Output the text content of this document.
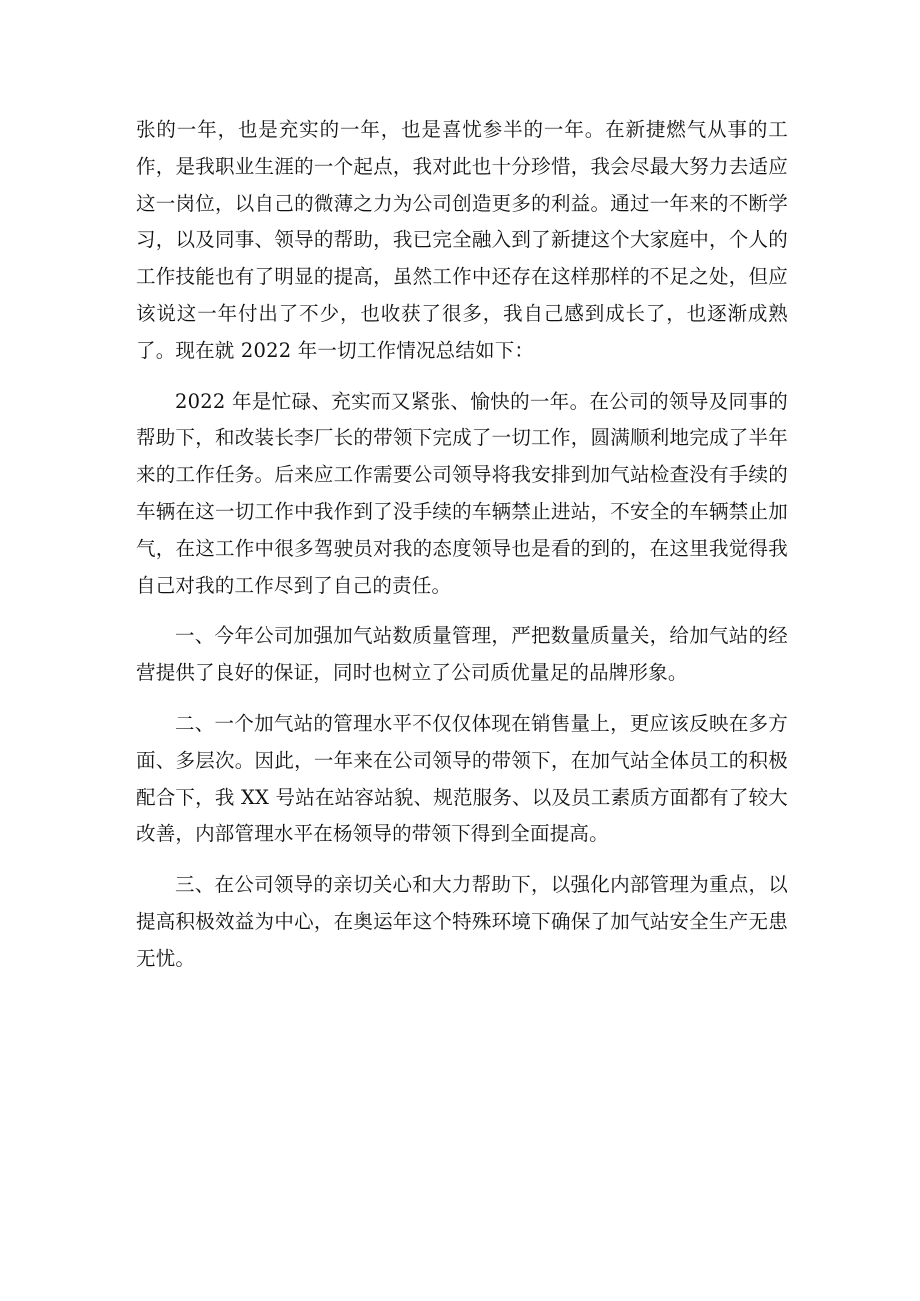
张的一年，也是充实的一年，也是喜忧参半的一年。在新捷燃气从事的工作，是我职业生涯的一个起点，我对此也十分珍惜，我会尽最大努力去适应这一岗位，以自己的微薄之力为公司创造更多的利益。通过一年来的不断学习，以及同事、领导的帮助，我已完全融入到了新捷这个大家庭中，个人的工作技能也有了明显的提高，虽然工作中还存在这样那样的不足之处，但应该说这一年付出了不少，也收获了很多，我自己感到成长了，也逐渐成熟了。现在就 2022 年一切工作情况总结如下：

2022 年是忙碌、充实而又紧张、愉快的一年。在公司的领导及同事的帮助下，和改装长李厂长的带领下完成了一切工作，圆满顺利地完成了半年来的工作任务。后来应工作需要公司领导将我安排到加气站检查没有手续的车辆在这一切工作中我作到了没手续的车辆禁止进站，不安全的车辆禁止加气，在这工作中很多驾驶员对我的态度领导也是看的到的，在这里我觉得我自己对我的工作尽到了自己的责任。

一、今年公司加强加气站数质量管理，严把数量质量关，给加气站的经营提供了良好的保证，同时也树立了公司质优量足的品牌形象。

二、一个加气站的管理水平不仅仅体现在销售量上，更应该反映在多方面、多层次。因此，一年来在公司领导的带领下，在加气站全体员工的积极配合下，我 XX 号站在站容站貌、规范服务、以及员工素质方面都有了较大改善，内部管理水平在杨领导的带领下得到全面提高。

三、在公司领导的亲切关心和大力帮助下，以强化内部管理为重点，以提高积极效益为中心，在奥运年这个特殊环境下确保了加气站安全生产无患无忧。
